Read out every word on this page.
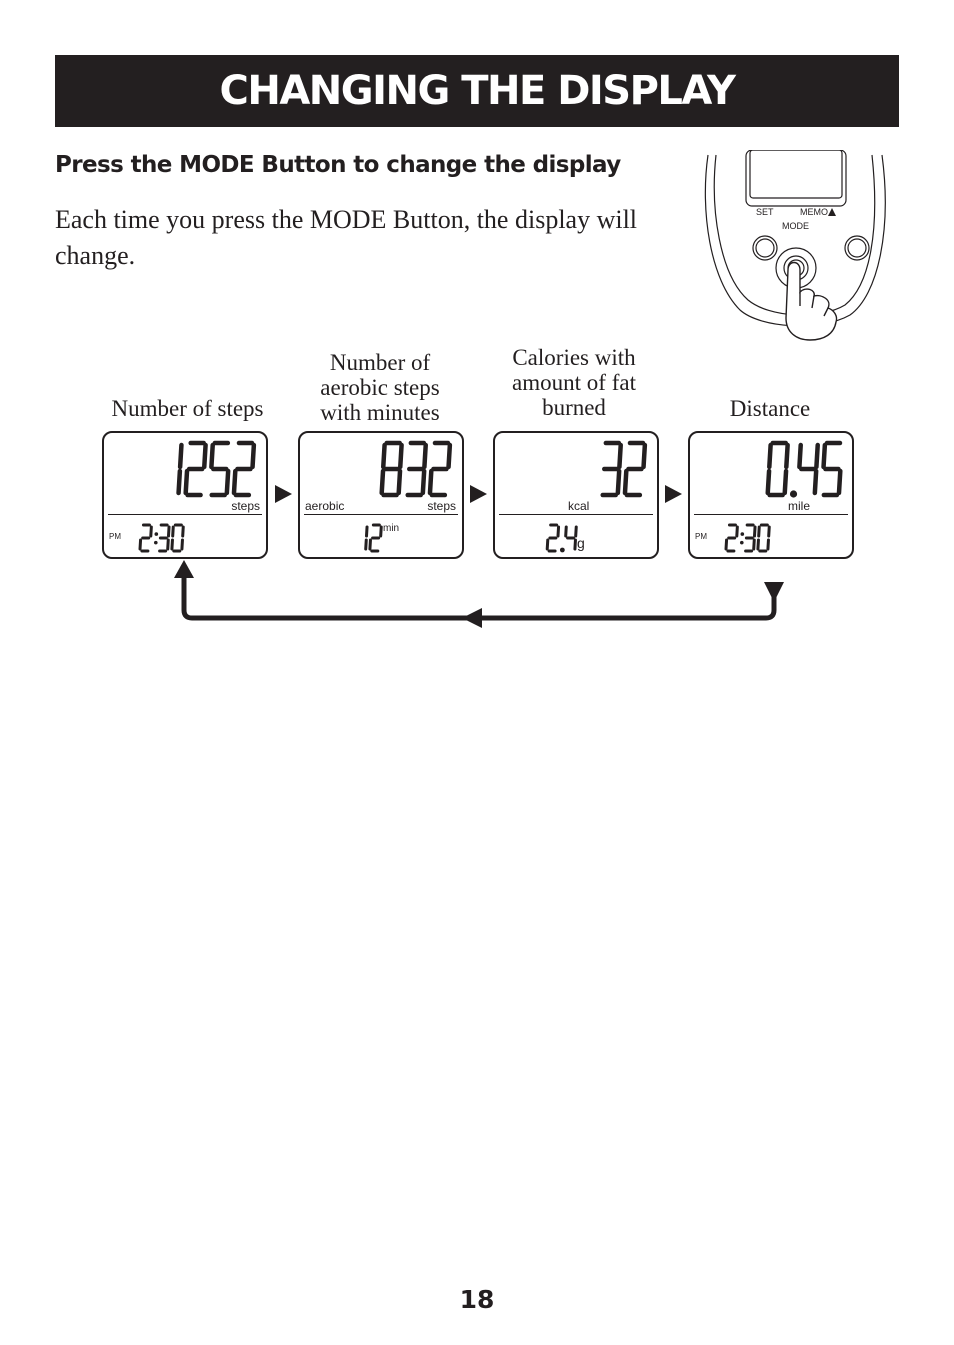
CHANGING THE DISPLAY
Press the MODE Button to change the display

Each time you press the MODE Button, the display will change.

SET	MEMO
MODE
Number of steps
Number of aerobic steps with minutes
Calories with amount of fat burned	Distance
steps
PM
aerobic	steps
min
kcal
g
mile
PM

18
